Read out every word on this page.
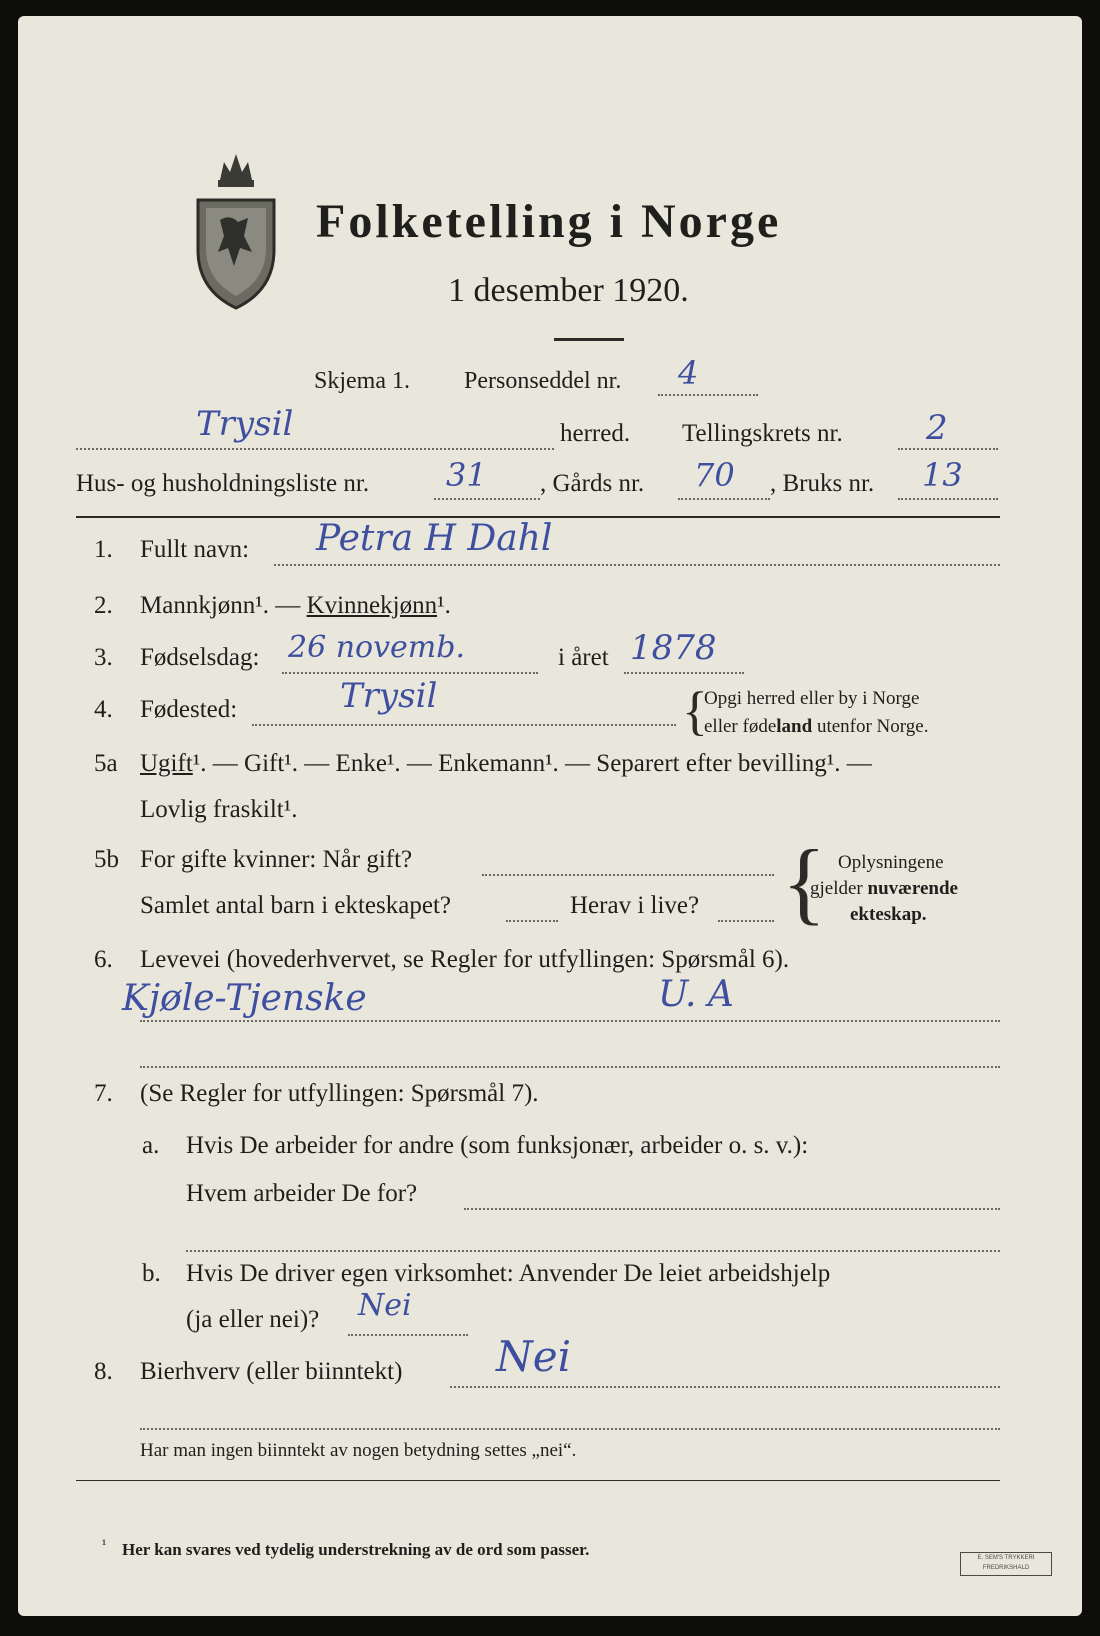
Folketelling i Norge
1 desember 1920.
Skjema 1. Personseddel nr. 4
Trysil	herred. Tellingskrets nr. 2
Hus- og husholdningsliste nr. 31 , Gårds nr. 70 , Bruks nr. 13
1. Fullt navn: Petra H Dahl
2. Mannkjønn¹. — Kvinnekjønn¹.
3. Fødselsdag: 26 novemb.	i året 1878
4. Fødested:	Trysil	{
Opgi herred eller by i Norge
eller fødeland utenfor Norge.
5a Ugift¹. — Gift¹. — Enke¹. — Enkemann¹. — Separert efter bevilling¹. —
Lovlig fraskilt¹.
5b For gifte kvinner: Når gift?
Samlet antal barn i ekteskapet?	Herav i live? { Oplysningene
gjelder nuværende
ekteskap.
6. Levevei (hovederhvervet, se Regler for utfyllingen: Spørsmål 6).
Kjøle-Tjenske	U. A
7. (Se Regler for utfyllingen: Spørsmål 7).
a. Hvis De arbeider for andre (som funksjonær, arbeider o. s. v.):
Hvem arbeider De for?
b. Hvis De driver egen virksomhet: Anvender De leiet arbeidshjelp
(ja eller nei)? Nei
8. Bierhverv (eller biinntekt) Nei
Har man ingen biinntekt av nogen betydning settes „nei“.
¹ Her kan svares ved tydelig understrekning av de ord som passer.	E. SEM'S TRYKKERI FREDRIKSHALD
